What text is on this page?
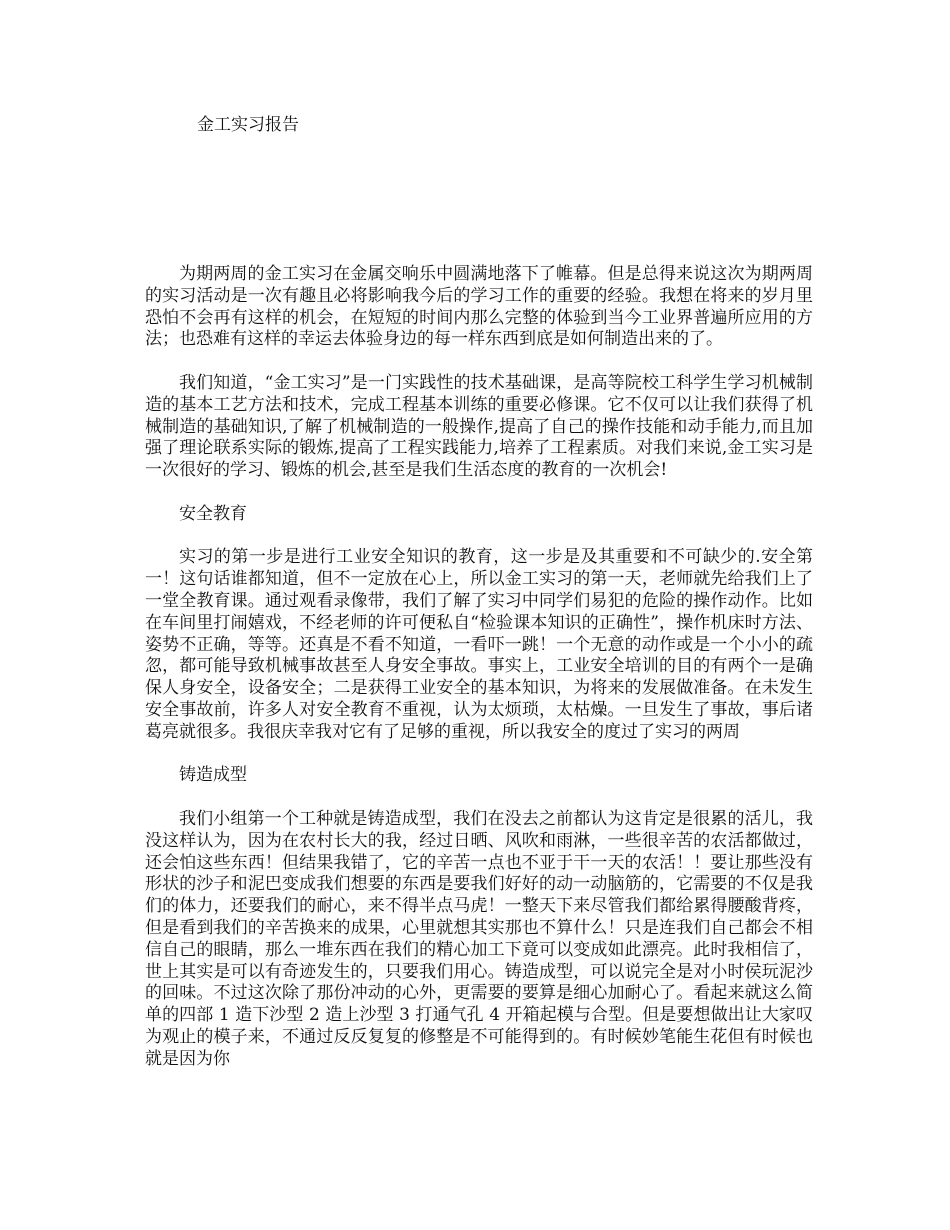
金工实习报告

为期两周的金工实习在金属交响乐中圆满地落下了帷幕。但是总得来说这次为期两周的实习活动是一次有趣且必将影响我今后的学习工作的重要的经验。我想在将来的岁月里恐怕不会再有这样的机会，在短短的时间内那么完整的体验到当今工业界普遍所应用的方法；也恐难有这样的幸运去体验身边的每一样东西到底是如何制造出来的了。

我们知道，“金工实习”是一门实践性的技术基础课，是高等院校工科学生学习机械制造的基本工艺方法和技术，完成工程基本训练的重要必修课。它不仅可以让我们获得了机械制造的基础知识,了解了机械制造的一般操作,提高了自己的操作技能和动手能力,而且加强了理论联系实际的锻炼,提高了工程实践能力,培养了工程素质。对我们来说,金工实习是一次很好的学习、锻炼的机会,甚至是我们生活态度的教育的一次机会!

安全教育

实习的第一步是进行工业安全知识的教育，这一步是及其重要和不可缺少的.安全第一！这句话谁都知道，但不一定放在心上，所以金工实习的第一天，老师就先给我们上了一堂全教育课。通过观看录像带，我们了解了实习中同学们易犯的危险的操作动作。比如在车间里打闹嬉戏，不经老师的许可便私自“检验课本知识的正确性”，操作机床时方法、姿势不正确，等等。还真是不看不知道，一看吓一跳！一个无意的动作或是一个小小的疏忽，都可能导致机械事故甚至人身安全事故。事实上，工业安全培训的目的有两个一是确保人身安全，设备安全；二是获得工业安全的基本知识，为将来的发展做准备。在未发生安全事故前，许多人对安全教育不重视，认为太烦琐，太枯燥。一旦发生了事故，事后诸葛亮就很多。我很庆幸我对它有了足够的重视，所以我安全的度过了实习的两周

铸造成型

我们小组第一个工种就是铸造成型，我们在没去之前都认为这肯定是很累的活儿，我没这样认为，因为在农村长大的我，经过日晒、风吹和雨淋，一些很辛苦的农活都做过，还会怕这些东西！但结果我错了，它的辛苦一点也不亚于干一天的农活！！要让那些没有形状的沙子和泥巴变成我们想要的东西是要我们好好的动一动脑筋的，它需要的不仅是我们的体力，还要我们的耐心，来不得半点马虎！一整天下来尽管我们都给累得腰酸背疼，但是看到我们的辛苦换来的成果，心里就想其实那也不算什么！只是连我们自己都会不相信自己的眼睛，那么一堆东西在我们的精心加工下竟可以变成如此漂亮。此时我相信了，世上其实是可以有奇迹发生的，只要我们用心。铸造成型，可以说完全是对小时侯玩泥沙的回味。不过这次除了那份冲动的心外，更需要的要算是细心加耐心了。看起来就这么简单的四部 1 造下沙型 2 造上沙型 3 打通气孔 4 开箱起模与合型。但是要想做出让大家叹为观止的模子来，不通过反反复复的修整是不可能得到的。有时候妙笔能生花但有时候也就是因为你
